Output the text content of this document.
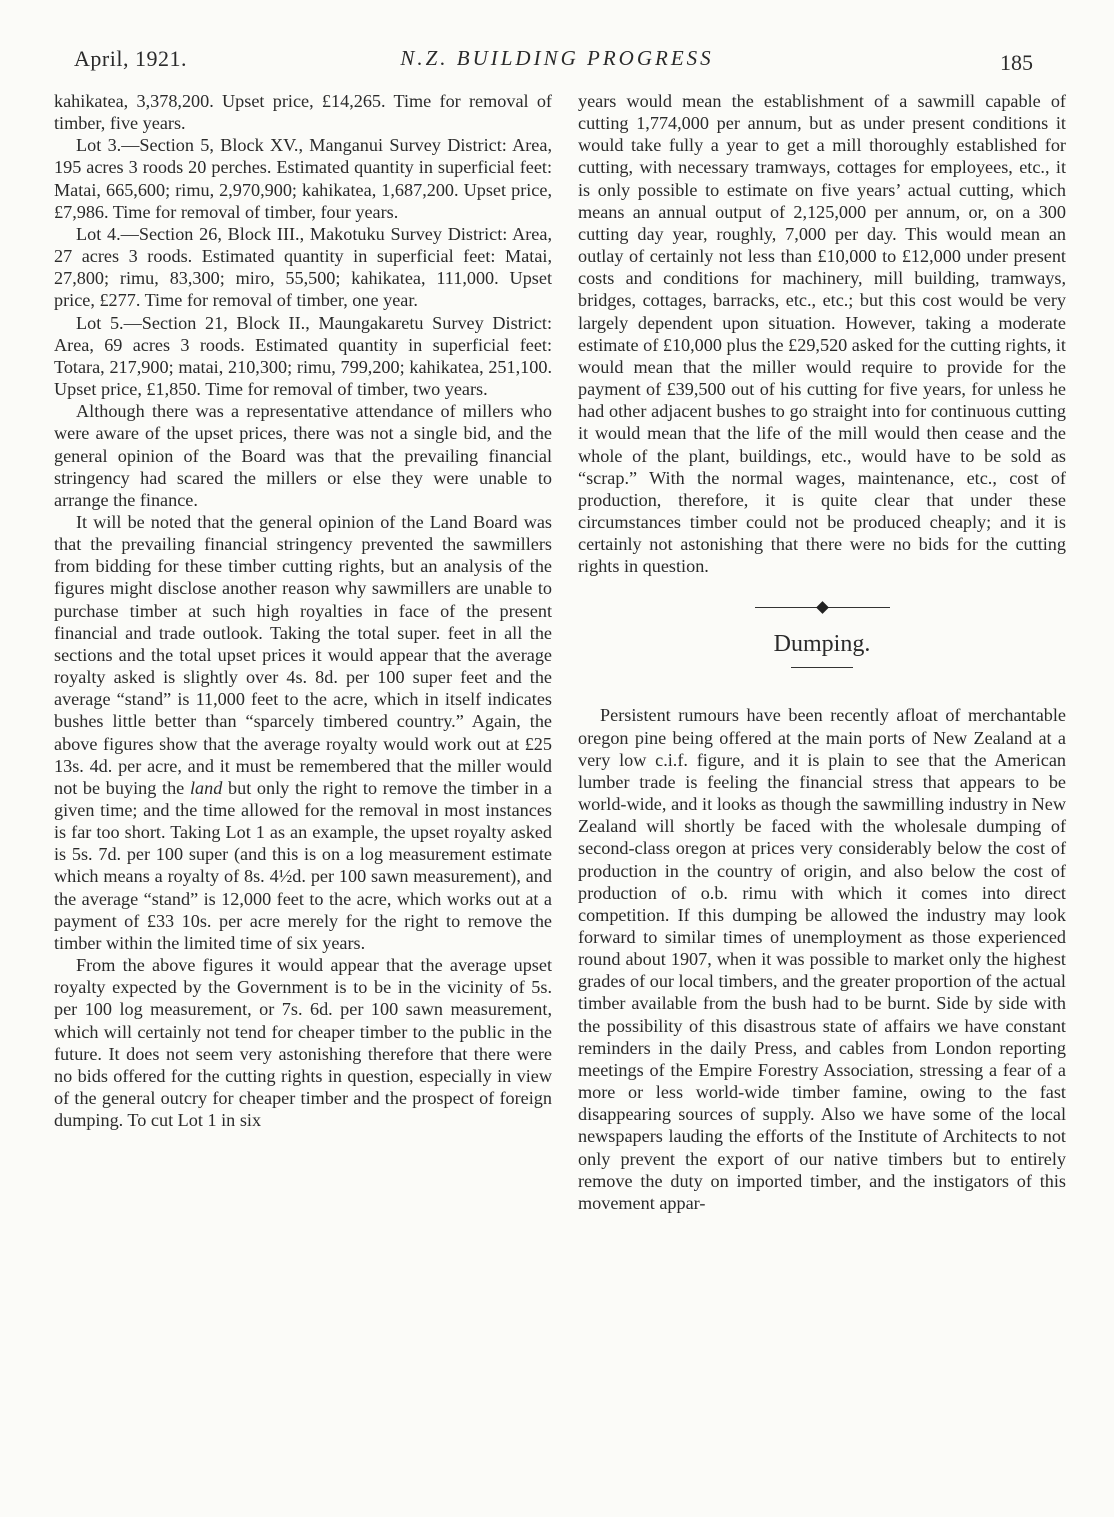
April, 1921.	N.Z. BUILDING PROGRESS	185

kahikatea, 3,378,200. Upset price, £14,265. Time for removal of timber, five years.

Lot 3.—Section 5, Block XV., Manganui Survey District: Area, 195 acres 3 roods 20 perches. Estimated quantity in superficial feet: Matai, 665,600; rimu, 2,970,900; kahikatea, 1,687,200. Upset price, £7,986. Time for removal of timber, four years.

Lot 4.—Section 26, Block III., Makotuku Survey District: Area, 27 acres 3 roods. Estimated quantity in superficial feet: Matai, 27,800; rimu, 83,300; miro, 55,500; kahikatea, 111,000. Upset price, £277. Time for removal of timber, one year.

Lot 5.—Section 21, Block II., Maungakaretu Survey District: Area, 69 acres 3 roods. Estimated quantity in superficial feet: Totara, 217,900; matai, 210,300; rimu, 799,200; kahikatea, 251,100. Upset price, £1,850. Time for removal of timber, two years.

Although there was a representative attendance of millers who were aware of the upset prices, there was not a single bid, and the general opinion of the Board was that the prevailing financial stringency had scared the millers or else they were unable to arrange the finance.

It will be noted that the general opinion of the Land Board was that the prevailing financial stringency prevented the sawmillers from bidding for these timber cutting rights, but an analysis of the figures might disclose another reason why sawmillers are unable to purchase timber at such high royalties in face of the present financial and trade outlook. Taking the total super. feet in all the sections and the total upset prices it would appear that the average royalty asked is slightly over 4s. 8d. per 100 super feet and the average “stand” is 11,000 feet to the acre, which in itself indicates bushes little better than “sparcely timbered country.” Again, the above figures show that the average royalty would work out at £25 13s. 4d. per acre, and it must be remembered that the miller would not be buying the land but only the right to remove the timber in a given time; and the time allowed for the removal in most instances is far too short. Taking Lot 1 as an example, the upset royalty asked is 5s. 7d. per 100 super (and this is on a log measurement estimate which means a royalty of 8s. 4½d. per 100 sawn measurement), and the average “stand” is 12,000 feet to the acre, which works out at a payment of £33 10s. per acre merely for the right to remove the timber within the limited time of six years.

From the above figures it would appear that the average upset royalty expected by the Government is to be in the vicinity of 5s. per 100 log measurement, or 7s. 6d. per 100 sawn measurement, which will certainly not tend for cheaper timber to the public in the future. It does not seem very astonishing therefore that there were no bids offered for the cutting rights in question, especially in view of the general outcry for cheaper timber and the prospect of foreign dumping. To cut Lot 1 in six

years would mean the establishment of a sawmill capable of cutting 1,774,000 per annum, but as under present conditions it would take fully a year to get a mill thoroughly established for cutting, with necessary tramways, cottages for employees, etc., it is only possible to estimate on five years’ actual cutting, which means an annual output of 2,125,000 per annum, or, on a 300 cutting day year, roughly, 7,000 per day. This would mean an outlay of certainly not less than £10,000 to £12,000 under present costs and conditions for machinery, mill building, tramways, bridges, cottages, barracks, etc., etc.; but this cost would be very largely dependent upon situation. However, taking a moderate estimate of £10,000 plus the £29,520 asked for the cutting rights, it would mean that the miller would require to provide for the payment of £39,500 out of his cutting for five years, for unless he had other adjacent bushes to go straight into for continuous cutting it would mean that the life of the mill would then cease and the whole of the plant, buildings, etc., would have to be sold as “scrap.” With the normal wages, maintenance, etc., cost of production, therefore, it is quite clear that under these circumstances timber could not be produced cheaply; and it is certainly not astonishing that there were no bids for the cutting rights in question.

Dumping.

Persistent rumours have been recently afloat of merchantable oregon pine being offered at the main ports of New Zealand at a very low c.i.f. figure, and it is plain to see that the American lumber trade is feeling the financial stress that appears to be world-wide, and it looks as though the sawmilling industry in New Zealand will shortly be faced with the wholesale dumping of second-class oregon at prices very considerably below the cost of production in the country of origin, and also below the cost of production of o.b. rimu with which it comes into direct competition. If this dumping be allowed the industry may look forward to similar times of unemployment as those experienced round about 1907, when it was possible to market only the highest grades of our local timbers, and the greater proportion of the actual timber available from the bush had to be burnt. Side by side with the possibility of this disastrous state of affairs we have constant reminders in the daily Press, and cables from London reporting meetings of the Empire Forestry Association, stressing a fear of a more or less world-wide timber famine, owing to the fast disappearing sources of supply. Also we have some of the local newspapers lauding the efforts of the Institute of Architects to not only prevent the export of our native timbers but to entirely remove the duty on imported timber, and the instigators of this movement appar-
